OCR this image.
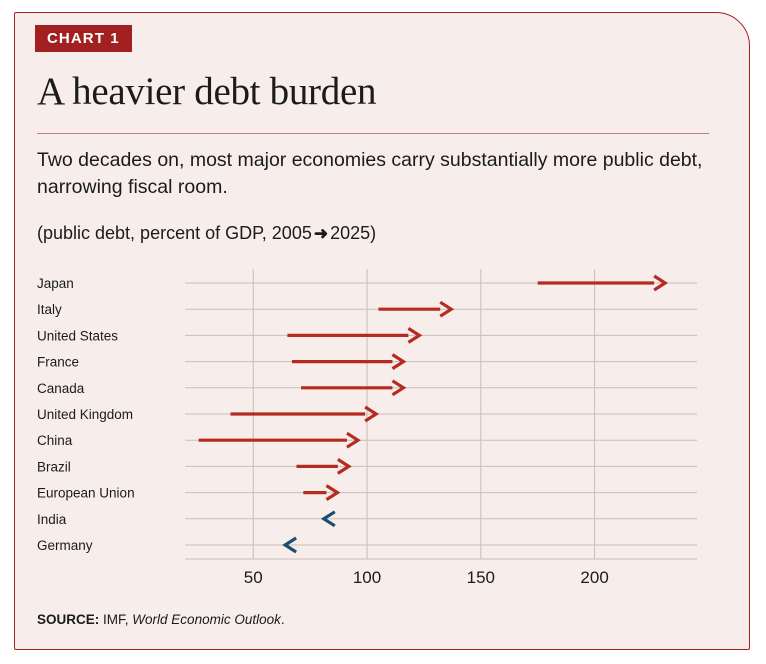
CHART 1
A heavier debt burden
Two decades on, most major economies carry substantially more public debt, narrowing fiscal room.
(public debt, percent of GDP, 2005 ➜ 2025)
50	100	150	200
Japan
Italy
United States
France
Canada
United Kingdom
China
Brazil
European Union
India
Germany
SOURCE: IMF, World Economic Outlook.
